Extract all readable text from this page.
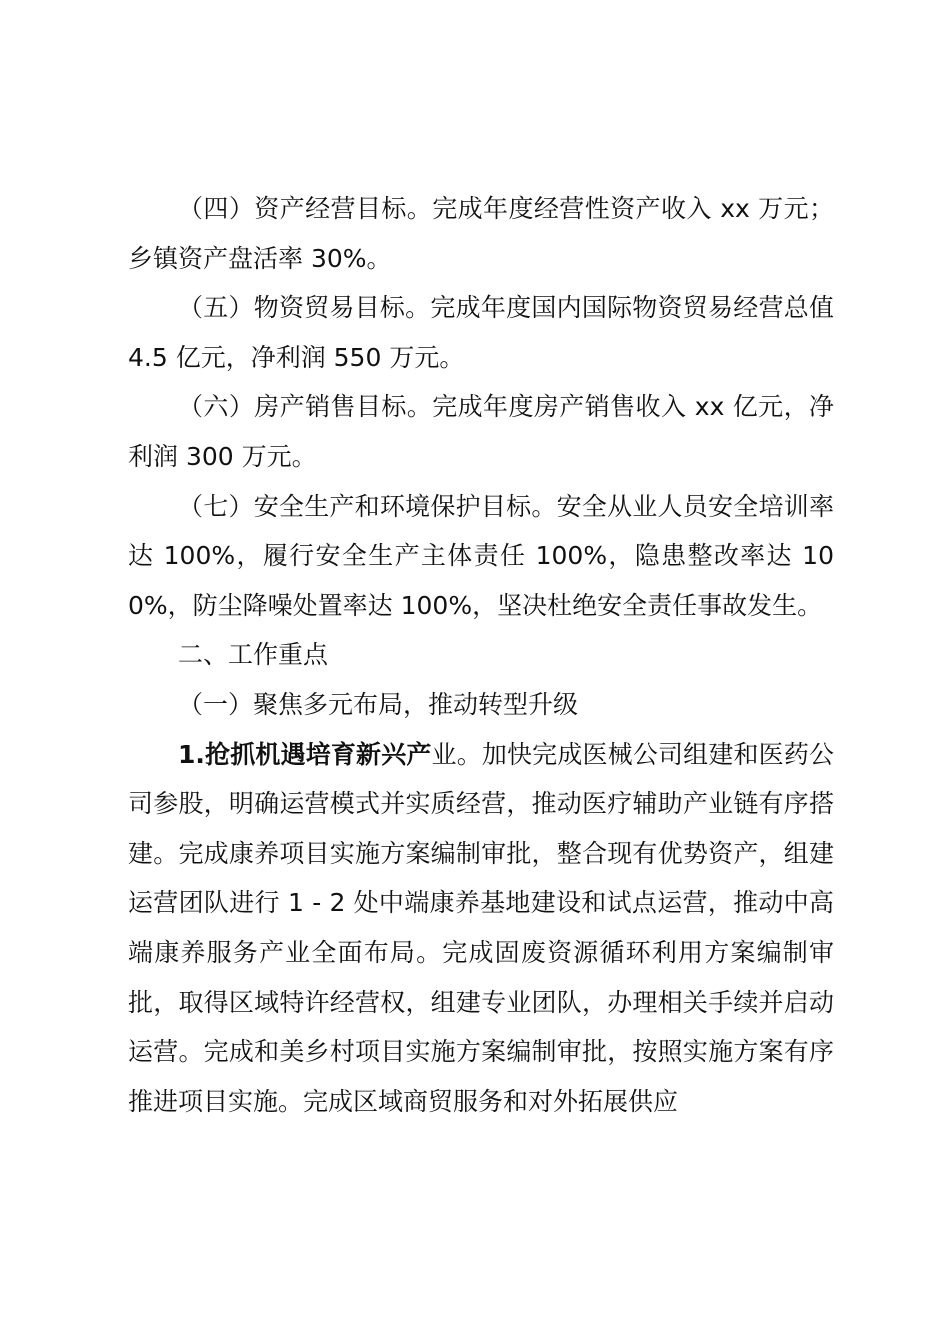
（四）资产经营目标。完成年度经营性资产收入 xx 万元；乡镇资产盘活率 30%。

（五）物资贸易目标。完成年度国内国际物资贸易经营总值 4.5 亿元，净利润 550 万元。

（六）房产销售目标。完成年度房产销售收入 xx 亿元，净利润 300 万元。

（七）安全生产和环境保护目标。安全从业人员安全培训率达 100%，履行安全生产主体责任 100%，隐患整改率达 100%，防尘降噪处置率达 100%，坚决杜绝安全责任事故发生。

二、工作重点

（一）聚焦多元布局，推动转型升级

1.抢抓机遇培育新兴产业。加快完成医械公司组建和医药公司参股，明确运营模式并实质经营，推动医疗辅助产业链有序搭建。完成康养项目实施方案编制审批，整合现有优势资产，组建运营团队进行 1 - 2 处中端康养基地建设和试点运营，推动中高端康养服务产业全面布局。完成固废资源循环利用方案编制审批，取得区域特许经营权，组建专业团队，办理相关手续并启动运营。完成和美乡村项目实施方案编制审批，按照实施方案有序推进项目实施。完成区域商贸服务和对外拓展供应
